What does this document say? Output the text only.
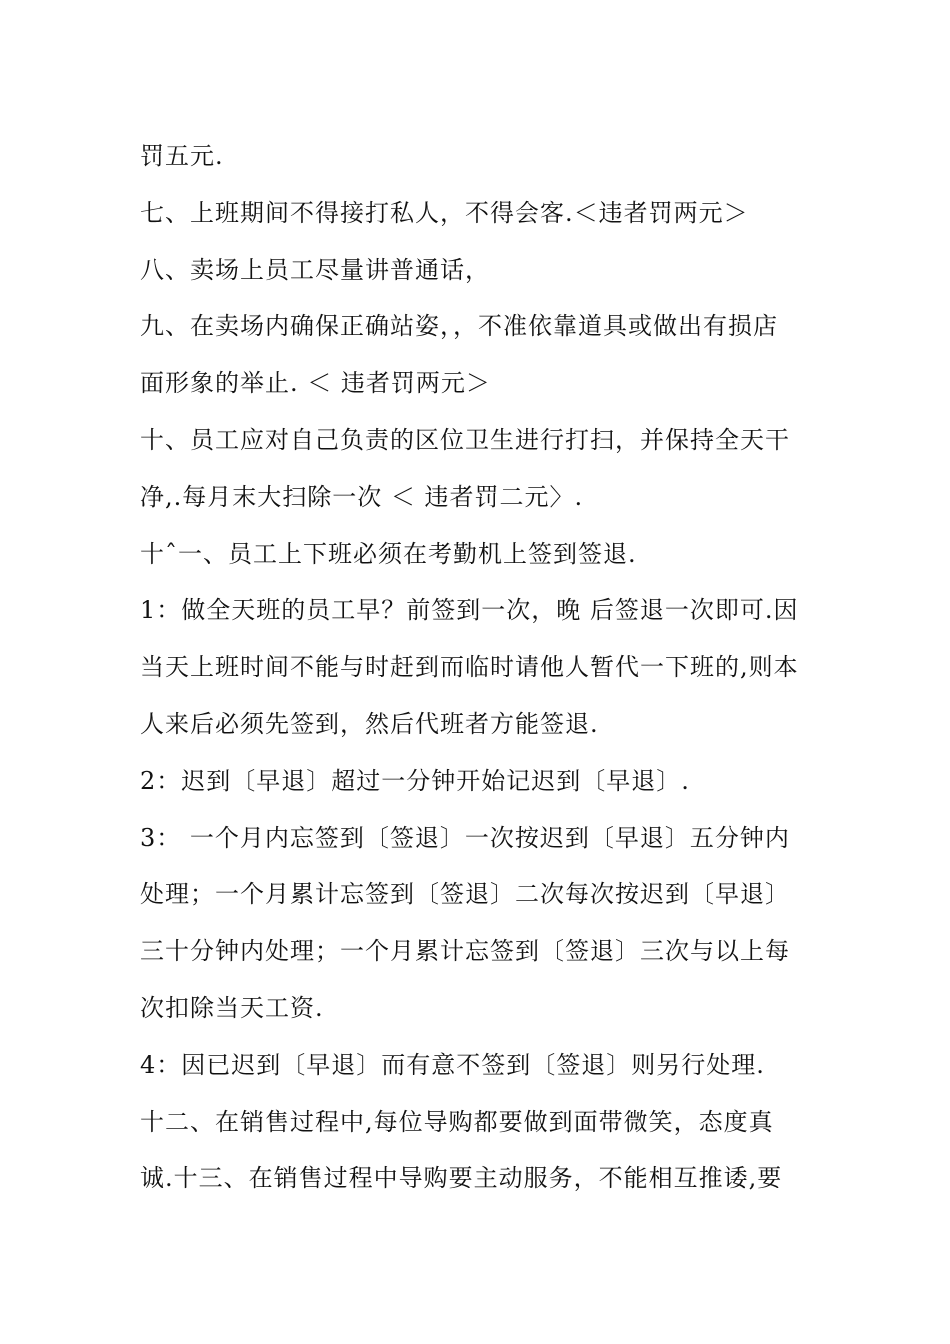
罚五元.
七、上班期间不得接打私人，不得会客.＜违者罚两元＞
八、卖场上员工尽量讲普通话，
九、在卖场内确保正确站姿，，不准依靠道具或做出有损店
面形象的举止. ＜ 违者罚两元＞
十、员工应对自己负责的区位卫生进行打扫，并保持全天干
净,.每月末大扫除一次 ＜ 违者罚二元〉.
十ˆ一、员工上下班必须在考勤机上签到签退.
1：做全天班的员工早？前签到一次，晚 后签退一次即可.因
当天上班时间不能与时赶到而临时请他人暂代一下班的,则本
人来后必须先签到，然后代班者方能签退.
2：迟到〔早退〕超过一分钟开始记迟到〔早退〕.
3： 一个月内忘签到〔签退〕一次按迟到〔早退〕五分钟内
处理；一个月累计忘签到〔签退〕二次每次按迟到〔早退〕
三十分钟内处理；一个月累计忘签到〔签退〕三次与以上每
次扣除当天工资.
4：因已迟到〔早退〕而有意不签到〔签退〕则另行处理.
十二、在销售过程中,每位导购都要做到面带微笑，态度真
诚.十三、在销售过程中导购要主动服务，不能相互推诿,要
